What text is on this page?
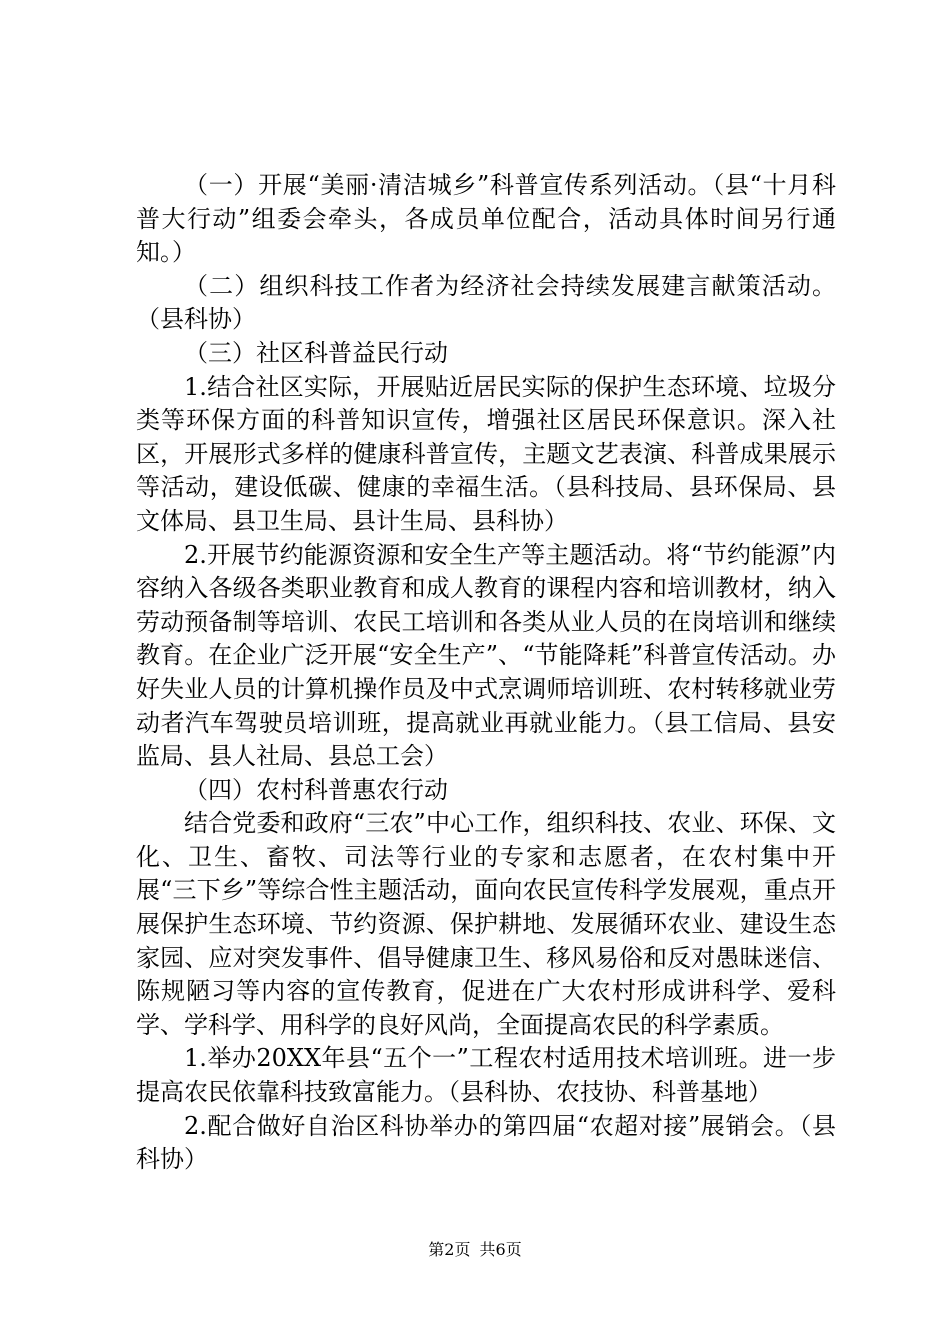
（一）开展“美丽·清洁城乡”科普宣传系列活动。（县“十月科普大行动”组委会牵头，各成员单位配合，活动具体时间另行通知。）

（二）组织科技工作者为经济社会持续发展建言献策活动。（县科协）

（三）社区科普益民行动

1.结合社区实际，开展贴近居民实际的保护生态环境、垃圾分类等环保方面的科普知识宣传，增强社区居民环保意识。深入社区，开展形式多样的健康科普宣传，主题文艺表演、科普成果展示等活动，建设低碳、健康的幸福生活。（县科技局、县环保局、县文体局、县卫生局、县计生局、县科协）

2.开展节约能源资源和安全生产等主题活动。将“节约能源”内容纳入各级各类职业教育和成人教育的课程内容和培训教材，纳入劳动预备制等培训、农民工培训和各类从业人员的在岗培训和继续教育。在企业广泛开展“安全生产”、“节能降耗”科普宣传活动。办好失业人员的计算机操作员及中式烹调师培训班、农村转移就业劳动者汽车驾驶员培训班，提高就业再就业能力。（县工信局、县安监局、县人社局、县总工会）

（四）农村科普惠农行动

结合党委和政府“三农”中心工作，组织科技、农业、环保、文化、卫生、畜牧、司法等行业的专家和志愿者，在农村集中开展“三下乡”等综合性主题活动，面向农民宣传科学发展观，重点开展保护生态环境、节约资源、保护耕地、发展循环农业、建设生态家园、应对突发事件、倡导健康卫生、移风易俗和反对愚昧迷信、陈规陋习等内容的宣传教育，促进在广大农村形成讲科学、爱科学、学科学、用科学的良好风尚，全面提高农民的科学素质。

1.举办20XX年县“五个一”工程农村适用技术培训班。进一步提高农民依靠科技致富能力。（县科协、农技协、科普基地）

2.配合做好自治区科协举办的第四届“农超对接”展销会。（县科协）

第2页 共6页
